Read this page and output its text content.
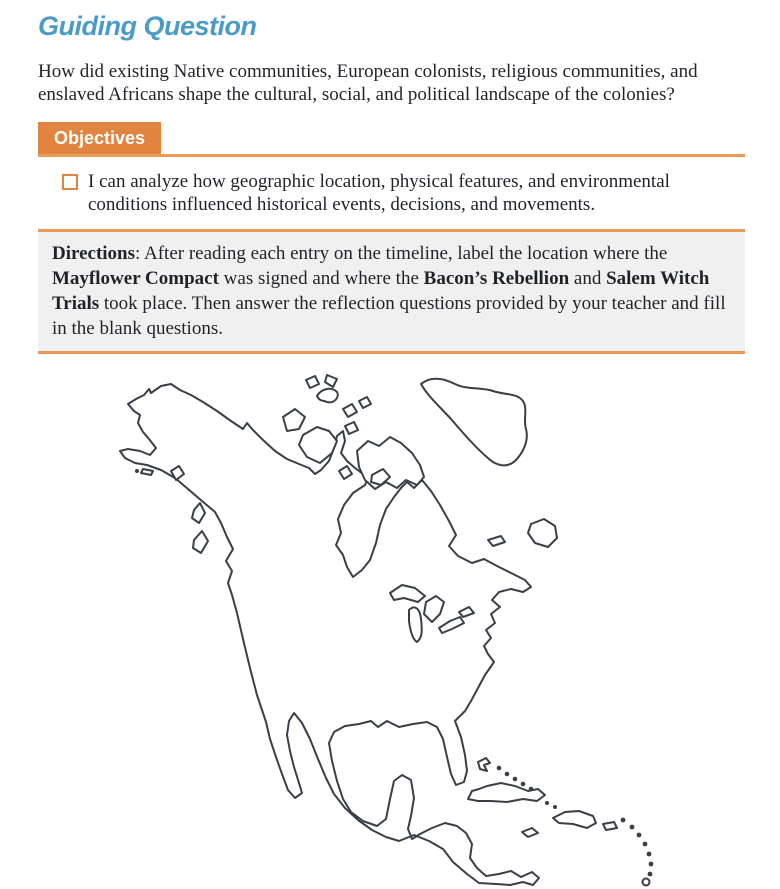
Guiding Question

How did existing Native communities, European colonists, religious communities, and enslaved Africans shape the cultural, social, and political landscape of the colonies?

Objectives
I can analyze how geographic location, physical features, and environmental conditions influenced historical events, decisions, and movements.

Directions: After reading each entry on the timeline, label the location where the Mayflower Compact was signed and where the Bacon’s Rebellion and Salem Witch Trials took place. Then answer the reflection questions provided by your teacher and fill in the blank questions.
